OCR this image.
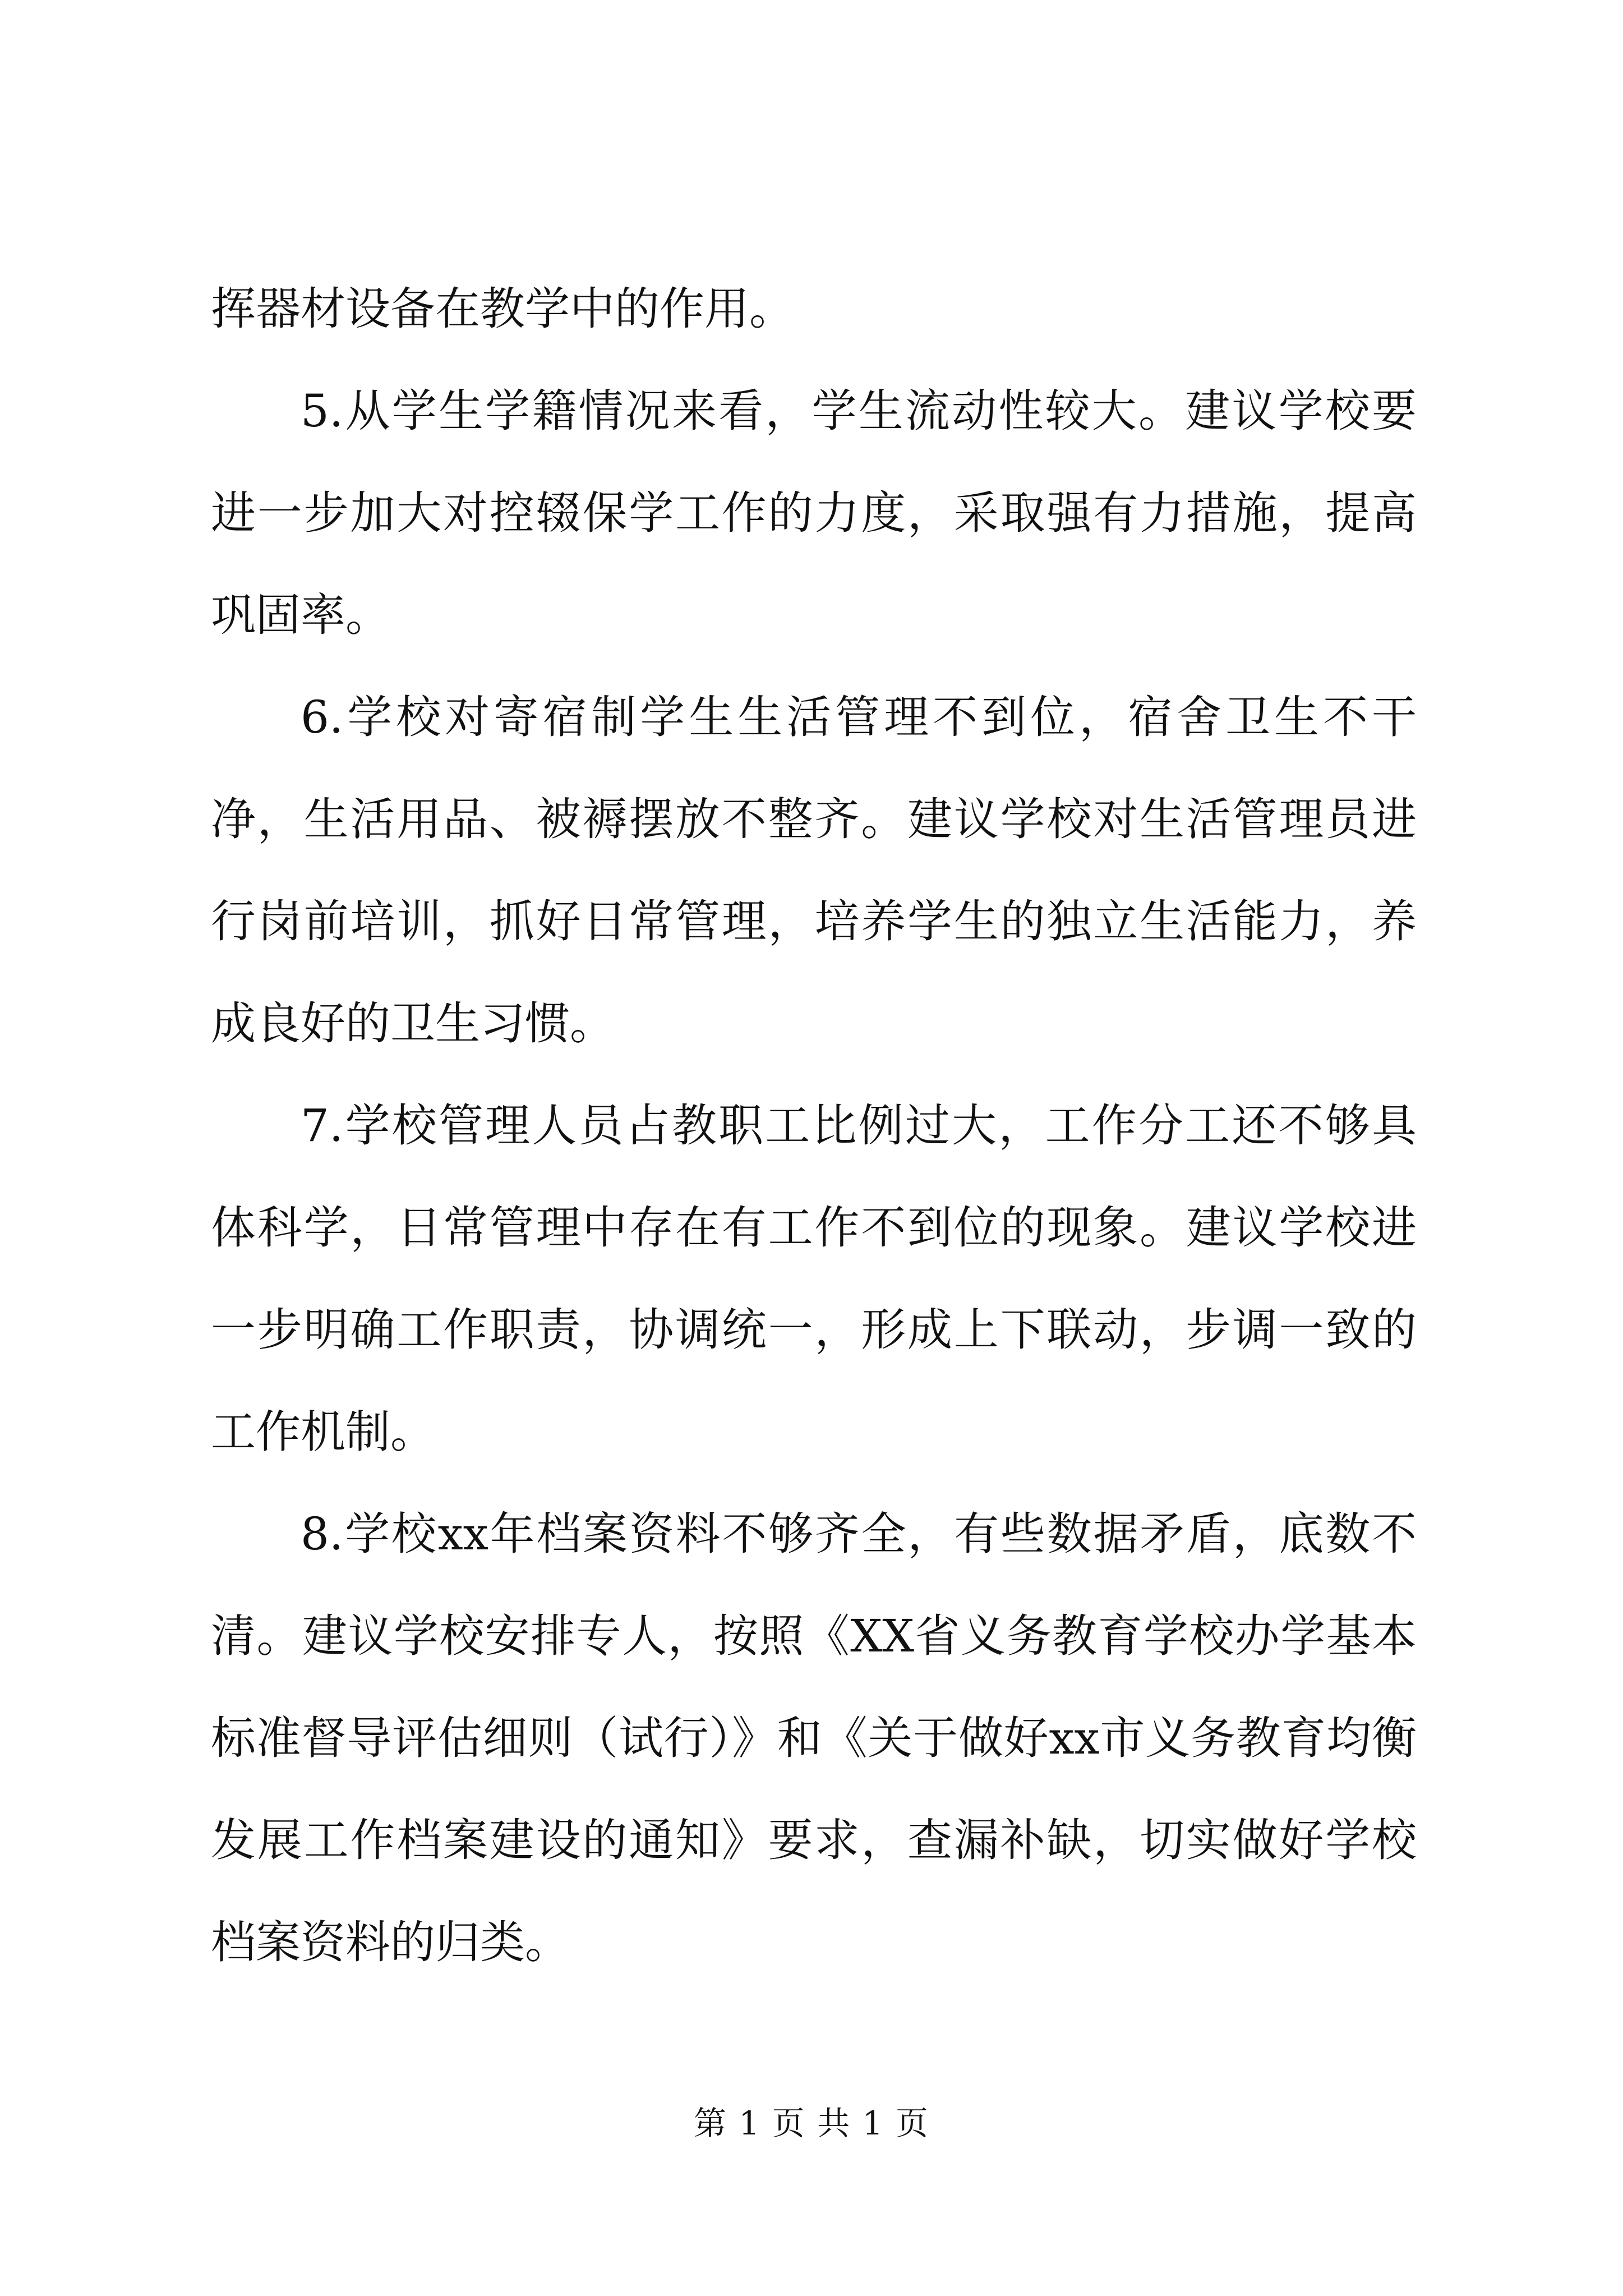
挥器材设备在教学中的作用。

5.从学生学籍情况来看，学生流动性较大。建议学校要进一步加大对控辍保学工作的力度，采取强有力措施，提高巩固率。

6.学校对寄宿制学生生活管理不到位，宿舍卫生不干净，生活用品、被褥摆放不整齐。建议学校对生活管理员进行岗前培训，抓好日常管理，培养学生的独立生活能力，养成良好的卫生习惯。

7.学校管理人员占教职工比例过大，工作分工还不够具体科学，日常管理中存在有工作不到位的现象。建议学校进一步明确工作职责，协调统一，形成上下联动，步调一致的工作机制。

8.学校xx年档案资料不够齐全，有些数据矛盾，底数不清。建议学校安排专人，按照《XX省义务教育学校办学基本标准督导评估细则（试行）》和《关于做好xx市义务教育均衡发展工作档案建设的通知》要求，查漏补缺，切实做好学校档案资料的归类。

第 1 页 共 1 页
